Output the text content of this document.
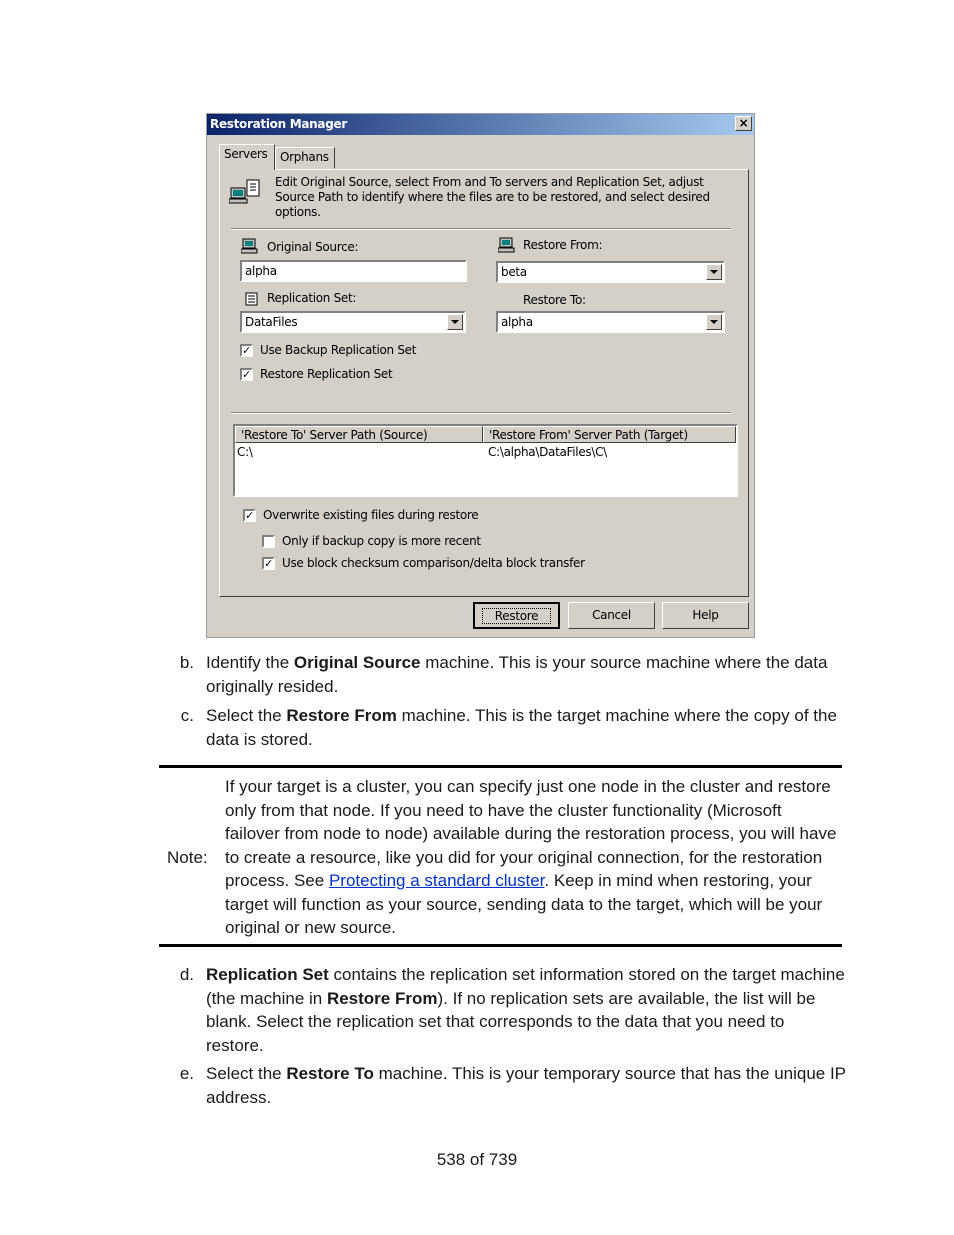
Restoration Manager	×
Servers	Orphans
Edit Original Source, select From and To servers and Replication Set, adjust Source Path to identify where the files are to be restored, and select desired options.
Original Source:
alpha
Restore From:
beta
Replication Set:
DataFiles
Restore To:
alpha
✓ Use Backup Replication Set
✓ Restore Replication Set
'Restore To' Server Path (Source)	'Restore From' Server Path (Target)
C:\	C:\alpha\DataFiles\C\
✓ Overwrite existing files during restore
Only if backup copy is more recent
✓ Use block checksum comparison/delta block transfer
Restore	Cancel	Help
b. Identify the Original Source machine. This is your source machine where the data originally resided.
c. Select the Restore From machine. This is the target machine where the copy of the data is stored.
Note:
If your target is a cluster, you can specify just one node in the cluster and restore only from that node. If you need to have the cluster functionality (Microsoft failover from node to node) available during the restoration process, you will have to create a resource, like you did for your original connection, for the restoration process. See Protecting a standard cluster. Keep in mind when restoring, your target will function as your source, sending data to the target, which will be your original or new source.
d. Replication Set contains the replication set information stored on the target machine (the machine in Restore From). If no replication sets are available, the list will be blank. Select the replication set that corresponds to the data that you need to restore.
e. Select the Restore To machine. This is your temporary source that has the unique IP address.
538 of 739
